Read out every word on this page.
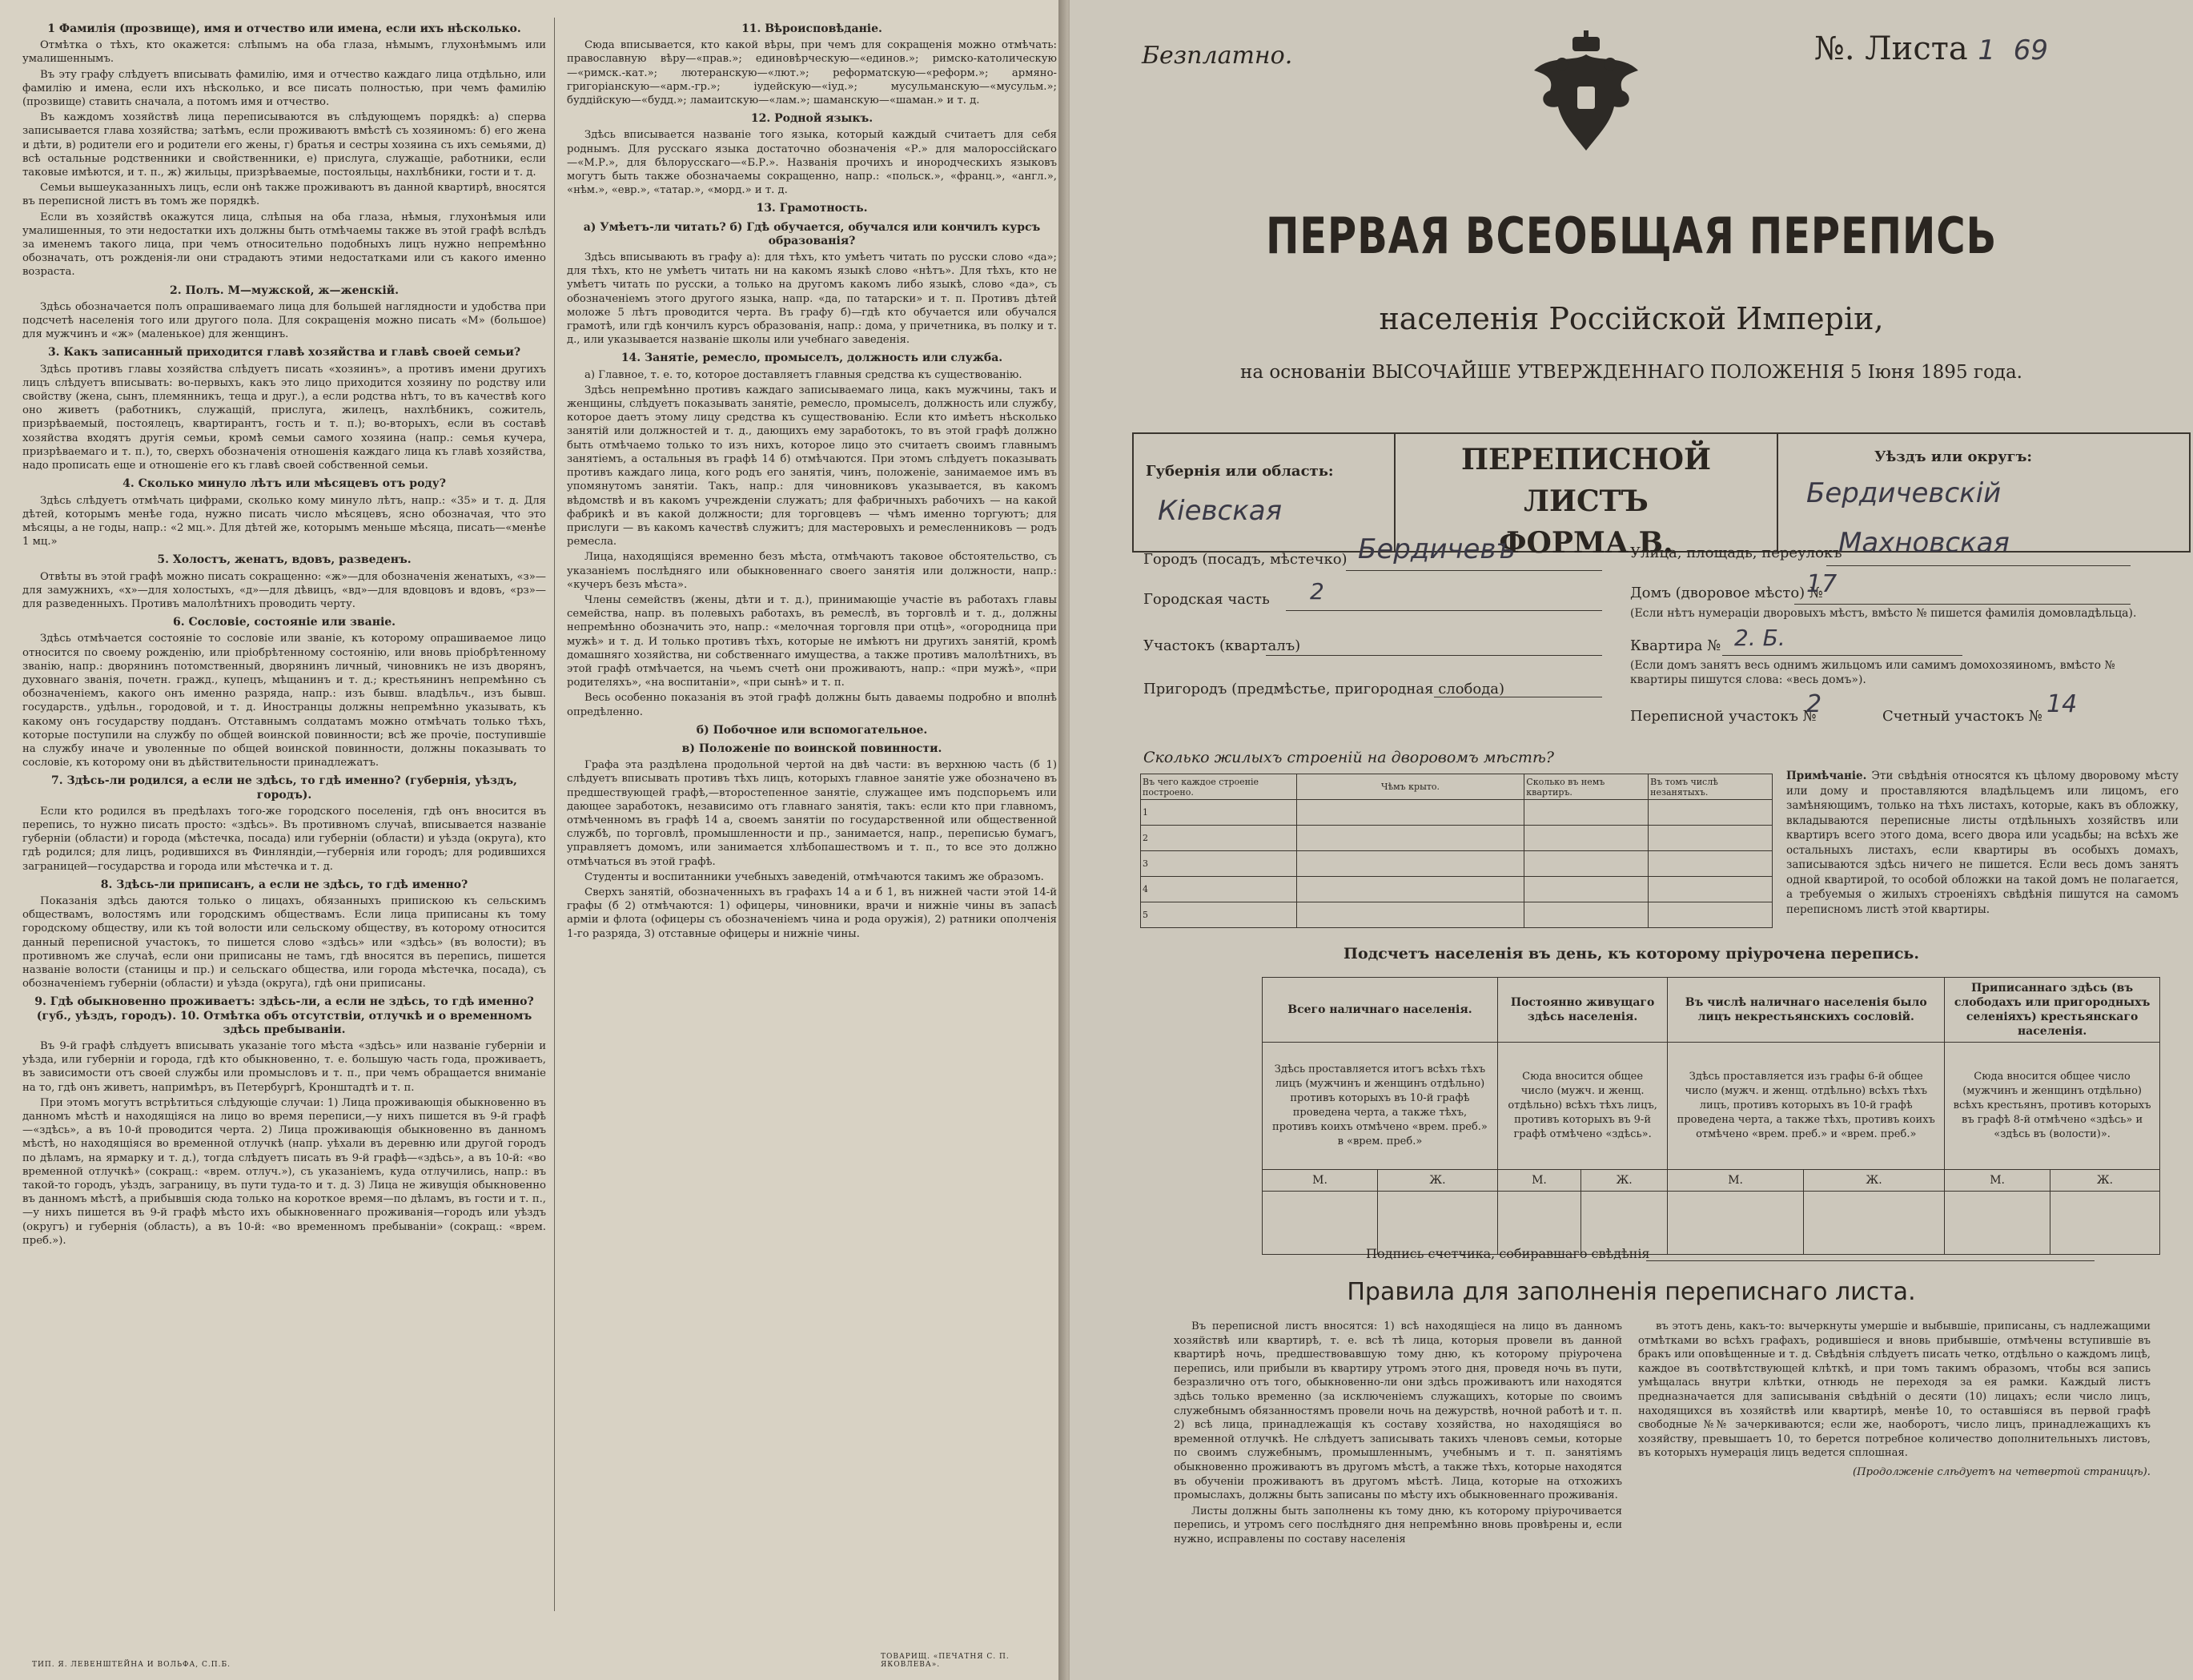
1 Фамилія (прозвище), имя и отчество или имена, если ихъ нѣсколько.
Отмѣтка о тѣхъ, кто окажется: слѣпымъ на оба глаза, нѣмымъ, глухонѣмымъ или умалишеннымъ.
Въ эту графу слѣдуетъ вписывать фамилію, имя и отчество каждаго лица отдѣльно, или фамилію и имена, если ихъ нѣсколько, и все писать полностью, при чемъ фамилію (прозвище) ставить сначала, а потомъ имя и отчество.
Въ каждомъ хозяйствѣ лица переписываются въ слѣдующемъ порядкѣ: а) сперва записывается глава хозяйства; затѣмъ, если проживаютъ вмѣстѣ съ хозяиномъ: б) его жена и дѣти, в) родители его и родители его жены, г) братья и сестры хозяина съ ихъ семьями, д) всѣ остальные родственники и свойственники, е) прислуга, служащіе, работники, если таковые имѣются, и т. п., ж) жильцы, призрѣваемые, постояльцы, нахлѣбники, гости и т. д.
Семьи вышеуказанныхъ лицъ, если онѣ также проживаютъ въ данной квартирѣ, вносятся въ переписной листъ въ томъ же порядкѣ.
Если въ хозяйствѣ окажутся лица, слѣпыя на оба глаза, нѣмыя, глухонѣмыя или умалишенныя, то эти недостатки ихъ должны быть отмѣчаемы также въ этой графѣ вслѣдъ за именемъ такого лица, при чемъ относительно подобныхъ лицъ нужно непремѣнно обозначать, отъ рожденія-ли они страдаютъ этими недостатками или съ какого именно возраста.
2. Полъ. М—мужской, ж—женскій.
Здѣсь обозначается полъ опрашиваемаго лица для большей наглядности и удобства при подсчетѣ населенія того или другого пола. Для сокращенія можно писать «М» (большое) для мужчинъ и «ж» (маленькое) для женщинъ.
3. Какъ записанный приходится главѣ хозяйства и главѣ своей семьи?
Здѣсь противъ главы хозяйства слѣдуетъ писать «хозяинъ», а противъ имени другихъ лицъ слѣдуетъ вписывать: во-первыхъ, какъ это лицо приходится хозяину по родству или свойству (жена, сынъ, племянникъ, теща и друг.), а если родства нѣтъ, то въ качествѣ кого оно живетъ (работникъ, служащій, прислуга, жилецъ, нахлѣбникъ, сожитель, призрѣваемый, постоялецъ, квартирантъ, гость и т. п.); во-вторыхъ, если въ составѣ хозяйства входятъ другія семьи, кромѣ семьи самого хозяина (напр.: семья кучера, призрѣваемаго и т. п.), то, сверхъ обозначенія отношенія каждаго лица къ главѣ хозяйства, надо прописать еще и отношеніе его къ главѣ своей собственной семьи.
4. Сколько минуло лѣтъ или мѣсяцевъ отъ роду?
Здѣсь слѣдуетъ отмѣчать цифрами, сколько кому минуло лѣтъ, напр.: «35» и т. д. Для дѣтей, которымъ менѣе года, нужно писать число мѣсяцевъ, ясно обозначая, что это мѣсяцы, а не годы, напр.: «2 мц.». Для дѣтей же, которымъ меньше мѣсяца, писать—«менѣе 1 мц.»
5. Холостъ, женатъ, вдовъ, разведенъ.
Отвѣты въ этой графѣ можно писать сокращенно: «ж»—для обозначенія женатыхъ, «з»—для замужнихъ, «х»—для холостыхъ, «д»—для дѣвицъ, «вд»—для вдовцовъ и вдовъ, «рз»—для разведенныхъ. Противъ малолѣтнихъ проводить черту.
6. Сословіе, состояніе или званіе.
Здѣсь отмѣчается состояніе то сословіе или званіе, къ которому опрашиваемое лицо относится по своему рожденію, или пріобрѣтенному состоянію, или вновь пріобрѣтенному званію, напр.: дворянинъ потомственный, дворянинъ личный, чиновникъ не изъ дворянъ, духовнаго званія, почетн. гражд., купецъ, мѣщанинъ и т. д.; крестьянинъ непремѣнно съ обозначеніемъ, какого онъ именно разряда, напр.: изъ бывш. владѣльч., изъ бывш. государств., удѣльн., городовой, и т. д. Иностранцы должны непремѣнно указывать, къ какому онъ государству подданъ. Отставнымъ солдатамъ можно отмѣчать только тѣхъ, которые поступили на службу по общей воинской повинности; всѣ же прочіе, поступившіе на службу иначе и уволенные по общей воинской повинности, должны показывать то сословіе, къ которому они въ дѣйствительности принадлежатъ.
7. Здѣсь-ли родился, а если не здѣсь, то гдѣ именно? (губернія, уѣздъ, городъ).
Если кто родился въ предѣлахъ того-же городского поселенія, гдѣ онъ вносится въ перепись, то нужно писать просто: «здѣсь». Въ противномъ случаѣ, вписывается названіе губерніи (области) и города (мѣстечка, посада) или губерніи (области) и уѣзда (округа), кто гдѣ родился; для лицъ, родившихся въ Финляндіи,—губернія или городъ; для родившихся заграницей—государства и города или мѣстечка и т. д.
8. Здѣсь-ли приписанъ, а если не здѣсь, то гдѣ именно?
Показанія здѣсь даются только о лицахъ, обязанныхъ припискою къ сельскимъ обществамъ, волостямъ или городскимъ обществамъ. Если лица приписаны къ тому городскому обществу, или къ той волости или сельскому обществу, въ которому относится данный переписной участокъ, то пишется слово «здѣсь» или «здѣсь» (въ волости); въ противномъ же случаѣ, если они приписаны не тамъ, гдѣ вносятся въ перепись, пишется названіе волости (станицы и пр.) и сельскаго общества, или города мѣстечка, посада), съ обозначеніемъ губерніи (области) и уѣзда (округа), гдѣ они приписаны.
9. Гдѣ обыкновенно проживаетъ: здѣсь-ли, а если не здѣсь, то гдѣ именно? (губ., уѣздъ, городъ). 10. Отмѣтка объ отсутствіи, отлучкѣ и о временномъ здѣсь пребываніи.
Въ 9-й графѣ слѣдуетъ вписывать указаніе того мѣста «здѣсь» или названіе губерніи и уѣзда, или губерніи и города, гдѣ кто обыкновенно, т. е. большую часть года, проживаетъ, въ зависимости отъ своей службы или промысловъ и т. п., при чемъ обращается вниманіе на то, гдѣ онъ живетъ, напримѣръ, въ Петербургѣ, Кронштадтѣ и т. п.
При этомъ могутъ встрѣтиться слѣдующіе случаи: 1) Лица проживающія обыкновенно въ данномъ мѣстѣ и находящіяся на лицо во время переписи,—у нихъ пишется въ 9-й графѣ—«здѣсь», а въ 10-й проводится черта. 2) Лица проживающія обыкновенно въ данномъ мѣстѣ, но находящіяся во временной отлучкѣ (напр. уѣхали въ деревню или другой городъ по дѣламъ, на ярмарку и т. д.), тогда слѣдуетъ писать въ 9-й графѣ—«здѣсь», а въ 10-й: «во временной отлучкѣ» (сокращ.: «врем. отлуч.»), съ указаніемъ, куда отлучились, напр.: въ такой-то городъ, уѣздъ, заграницу, въ пути тудa-то и т. д. 3) Лица не живущія обыкновенно въ данномъ мѣстѣ, а прибывшія сюда только на короткое время—по дѣламъ, въ гости и т. п.,—у нихъ пишется въ 9-й графѣ мѣсто ихъ обыкновеннаго проживанія—городъ или уѣздъ (округъ) и губернія (область), а въ 10-й: «во временномъ пребываніи» (сокращ.: «врем. преб.»).
11. Вѣроисповѣданіе.
Сюда вписывается, кто какой вѣры, при чемъ для сокращенія можно отмѣчать: православную вѣру—«прав.»; единовѣрческую—«единов.»; римско-католическую—«римск.-кат.»; лютеранскую—«лют.»; реформатскую—«реформ.»; армяно-григоріанскую—«арм.-гр.»; іудейскую—«іуд.»; мусульманскую—«мусульм.»; буддійскую—«будд.»; ламаитскую—«лам.»; шаманскую—«шаман.» и т. д.
12. Родной языкъ.
Здѣсь вписывается названіе того языка, который каждый считаетъ для себя роднымъ. Для русскаго языка достаточно обозначенія «Р.» для малороссійскаго—«М.Р.», для бѣлорусскаго—«Б.Р.». Названія прочихъ и инородческихъ языковъ могутъ быть также обозначаемы сокращенно, напр.: «польск.», «франц.», «англ.», «нѣм.», «евр.», «татар.», «морд.» и т. д.
13. Грамотность.
а) Умѣетъ-ли читать? б) Гдѣ обучается, обучался или кончилъ курсъ образованія?
Здѣсь вписывають въ графу а): для тѣхъ, кто умѣетъ читать по русски слово «да»; для тѣхъ, кто не умѣетъ читать ни на какомъ языкѣ слово «нѣтъ». Для тѣхъ, кто не умѣетъ читать по русски, а только на другомъ какомъ либо языкѣ, слово «да», съ обозначеніемъ этого другого языка, напр. «да, по татарски» и т. п. Противъ дѣтей моложе 5 лѣтъ проводится черта. Въ графу б)—гдѣ кто обучается или обучался грамотѣ, или гдѣ кончилъ курсъ образованія, напр.: дома, у причетника, въ полку и т. д., или указывается названіе школы или учебнаго заведенія.
14. Занятіе, ремесло, промыселъ, должность или служба.
а) Главное, т. е. то, которое доставляетъ главныя средства къ существованію.
Здѣсь непремѣнно противъ каждаго записываемаго лица, какъ мужчины, такъ и женщины, слѣдуетъ показывать занятіе, ремесло, промыселъ, должность или службу, которое даетъ этому лицу средства къ существованію. Если кто имѣетъ нѣсколько занятій или должностей и т. д., дающихъ ему заработокъ, то въ этой графѣ должно быть отмѣчаемо только то изъ нихъ, которое лицо это считаетъ своимъ главнымъ занятіемъ, а остальныя въ графѣ 14 б) отмѣчаются. При этомъ слѣдуетъ показывать противъ каждаго лица, кого родъ его занятія, чинъ, положеніе, занимаемое имъ въ упомянутомъ занятіи. Такъ, напр.: для чиновниковъ указывается, въ какомъ вѣдомствѣ и въ какомъ учрежденіи служатъ; для фабричныхъ рабочихъ — на какой фабрикѣ и въ какой должности; для торговцевъ — чѣмъ именно торгуютъ; для прислуги — въ какомъ качествѣ служитъ; для мастеровыхъ и ремесленниковъ — родъ ремесла.
Лица, находящіяся временно безъ мѣста, отмѣчаютъ таковое обстоятельство, съ указаніемъ послѣдняго или обыкновеннаго своего занятія или должности, напр.: «кучеръ безъ мѣста».
Члены семействъ (жены, дѣти и т. д.), принимающіе участіе въ работахъ главы семейства, напр. въ полевыхъ работахъ, въ ремеслѣ, въ торговлѣ и т. д., должны непремѣнно обозначить это, напр.: «мелочная торговля при отцѣ», «огородница при мужѣ» и т. д. И только противъ тѣхъ, которые не имѣютъ ни другихъ занятій, кромѣ домашняго хозяйства, ни собственнаго имущества, а также противъ малолѣтнихъ, въ этой графѣ отмѣчается, на чьемъ счетѣ они проживаютъ, напр.: «при мужѣ», «при родителяхъ», «на воспитаніи», «при сынѣ» и т. п.
Весь особенно показанія въ этой графѣ должны быть даваемы подробно и вполнѣ опредѣленно.
б) Побочное или вспомогательное.
в) Положеніе по воинской повинности.
Графа эта раздѣлена продольной чертой на двѣ части: въ верхнюю часть (б 1) слѣдуетъ вписывать противъ тѣхъ лицъ, которыхъ главное занятіе уже обозначено въ предшествующей графѣ,—второстепенное занятіе, служащее имъ подспорьемъ или дающее заработокъ, независимо отъ главнаго занятія, такъ: если кто при главномъ, отмѣченномъ въ графѣ 14 а, своемъ занятіи по государственной или общественной службѣ, по торговлѣ, промышленности и пр., занимается, напр., переписью бумагъ, управляетъ домомъ, или занимается хлѣбопашествомъ и т. п., то все это должно отмѣчаться въ этой графѣ.
Студенты и воспитанники учебныхъ заведеній, отмѣчаются такимъ же образомъ.
Сверхъ занятій, обозначенныхъ въ графахъ 14 а и б 1, въ нижней части этой 14-й графы (б 2) отмѣчаются: 1) офицеры, чиновники, врачи и нижніе чины въ запасѣ арміи и флота (офицеры съ обозначеніемъ чина и рода оружія), 2) ратники ополченія 1-го разряда, 3) отставные офицеры и нижніе чины.
ТИП. Я. ЛЕВЕНШТЕЙНА И ВОЛЬФА, С.П.Б.
ТОВАРИЩ. «ПЕЧАТНЯ С. П. ЯКОВЛЕВА».
Безплатно.	№. Листа 1 69
ПЕРВАЯ ВСЕОБЩАЯ ПЕРЕПИСЬ
населенія Россійской Имперіи,
на основаніи ВЫСОЧАЙШЕ УТВЕРЖДЕННАГО ПОЛОЖЕНІЯ 5 Іюня 1895 года.
ПЕРЕПИСНОЙ ЛИСТЪ
ФОРМА В.
Губернія или область:
Кіевская
Уѣздъ или округъ:
Бердичевскій
Городъ (посадъ, мѣстечко) Бердичевъ	Улица, площадь, переулокъ
Махновская
Городская часть 2	Домъ (дворовое мѣсто) №
17
(Если нѣтъ нумераціи дворовыхъ мѣстъ, вмѣсто № пишется фамилія домовладѣльца).
Участокъ (кварталъ)	Квартира № 2. Б.
(Если домъ занятъ весь однимъ жильцомъ или самимъ домохозяиномъ, вмѣсто № квартиры пишутся слова: «весь домъ»).
Пригородъ (предмѣстье, пригородная слобода)
Переписной участокъ №
2	Счетный участокъ № 14
Сколько жилыхъ строеній на дворовомъ мѣстѣ?
Въ чего каждое строеніе построено.	Чѣмъ крыто.	Сколько въ немъ квартиръ.	Въ томъ числѣ незанятыхъ.
1			
2			
3			
4			
5			
Примѣчаніе. Эти свѣдѣнія относятся къ цѣлому дворовому мѣсту или дому и проставляются владѣльцемъ или лицомъ, его замѣняющимъ, только на тѣхъ листахъ, которые, какъ въ обложку, вкладываются переписные листы отдѣльныхъ хозяйствъ или квартиръ всего этого дома, всего двора или усадьбы; на всѣхъ же остальныхъ листахъ, если квартиры въ особыхъ домахъ, записываются здѣсь ничего не пишется. Если весь домъ занятъ одной квартирой, то особой обложки на такой домъ не полагается, а требуемыя о жилыхъ строеніяхъ свѣдѣнія пишутся на самомъ переписномъ листѣ этой квартиры.
Подсчетъ населенія въ день, къ которому пріурочена перепись.
Всего наличнаго населенія.		Постоянно живущаго здѣсь населенія.		Въ числѣ наличнаго населенія было лицъ некрестьянскихъ сословій.		Приписаннаго здѣсь (въ слободахъ или пригородныхъ селеніяхъ) крестьянскаго населенія.	
Здѣсь проставляется итогъ всѣхъ тѣхъ лицъ (мужчинъ и женщинъ отдѣльно) противъ которыхъ въ 10-й графѣ проведена черта, а также тѣхъ, противъ коихъ отмѣчено «врем. преб.» в «врем. преб.»		Сюда вносится общее число (мужч. и женщ. отдѣльно) всѣхъ тѣхъ лицъ, противъ которыхъ въ 9-й графѣ отмѣчено «здѣсь».		Здѣсь проставляется изъ графы 6-й общее число (мужч. и женщ. отдѣльно) всѣхъ тѣхъ лицъ, противъ которыхъ въ 10-й графѣ проведена черта, а также тѣхъ, противъ коихъ отмѣчено «врем. преб.» и «врем. преб.»		Сюда вносится общее число (мужчинъ и женщинъ отдѣльно) всѣхъ крестьянъ, противъ которыхъ въ графѣ 8-й отмѣчено «здѣсь» и «здѣсь въ (волости)».	
М.	Ж.	М.	Ж.	М.	Ж.	М.	Ж.

Подпись счетчика, собиравшаго свѣдѣнія
Правила для заполненія переписнаго листа.
Въ переписной листъ вносятся: 1) всѣ находящіеся на лицо въ данномъ хозяйствѣ или квартирѣ, т. е. всѣ тѣ лица, которыя провели въ данной квартирѣ ночь, предшествовавшую тому дню, къ которому пріурочена перепись, или прибыли въ квартиру утромъ этого дня, проведя ночь въ пути, безразлично отъ того, обыкновенно-ли они здѣсь проживаютъ или находятся здѣсь только временно (за исключеніемъ служащихъ, которые по своимъ служебнымъ обязанностямъ провели ночь на дежурствѣ, ночной работѣ и т. п. 2) всѣ лица, принадлежащія къ составу хозяйства, но находящіяся во временной отлучкѣ. Не слѣдуетъ записывать такихъ членовъ семьи, которые по своимъ служебнымъ, промышленнымъ, учебнымъ и т. п. занятіямъ обыкновенно проживаютъ въ другомъ мѣстѣ, а также тѣхъ, которые находятся въ обученіи проживаютъ въ другомъ мѣстѣ. Лица, которые на отхожихъ промыслахъ, должны быть записаны по мѣсту ихъ обыкновеннаго проживанія.
Листы должны быть заполнены къ тому дню, къ которому пріурочивается перепись, и утромъ сего послѣдняго дня непремѣнно вновь провѣрены и, если нужно, исправлены по составу населенія
въ этотъ день, какъ-то: вычеркнуты умершіе и выбывшіе, приписаны, съ надлежащими отмѣтками во всѣхъ графахъ, родившіеся и вновь прибывшіе, отмѣчены вступившіе въ бракъ или оповѣщенные и т. д. Свѣдѣнія слѣдуетъ писать четко, отдѣльно о каждомъ лицѣ, каждое въ соотвѣтствующей клѣткѣ, и при томъ такимъ образомъ, чтобы вся запись умѣщалась внутри клѣтки, отнюдь не переходя за ея рамки. Каждый листъ предназначается для записыванія свѣдѣній о десяти (10) лицахъ; если число лицъ, находящихся въ хозяйствѣ или квартирѣ, менѣе 10, то оставшіяся въ первой графѣ свободные №№ зачеркиваются; если же, наоборотъ, число лицъ, принадлежащихъ къ хозяйству, превышаетъ 10, то берется потребное количество дополнительныхъ листовъ, въ которыхъ нумерація лицъ ведется сплошная.
(Продолженіе слѣдуетъ на четвертой страницѣ).
